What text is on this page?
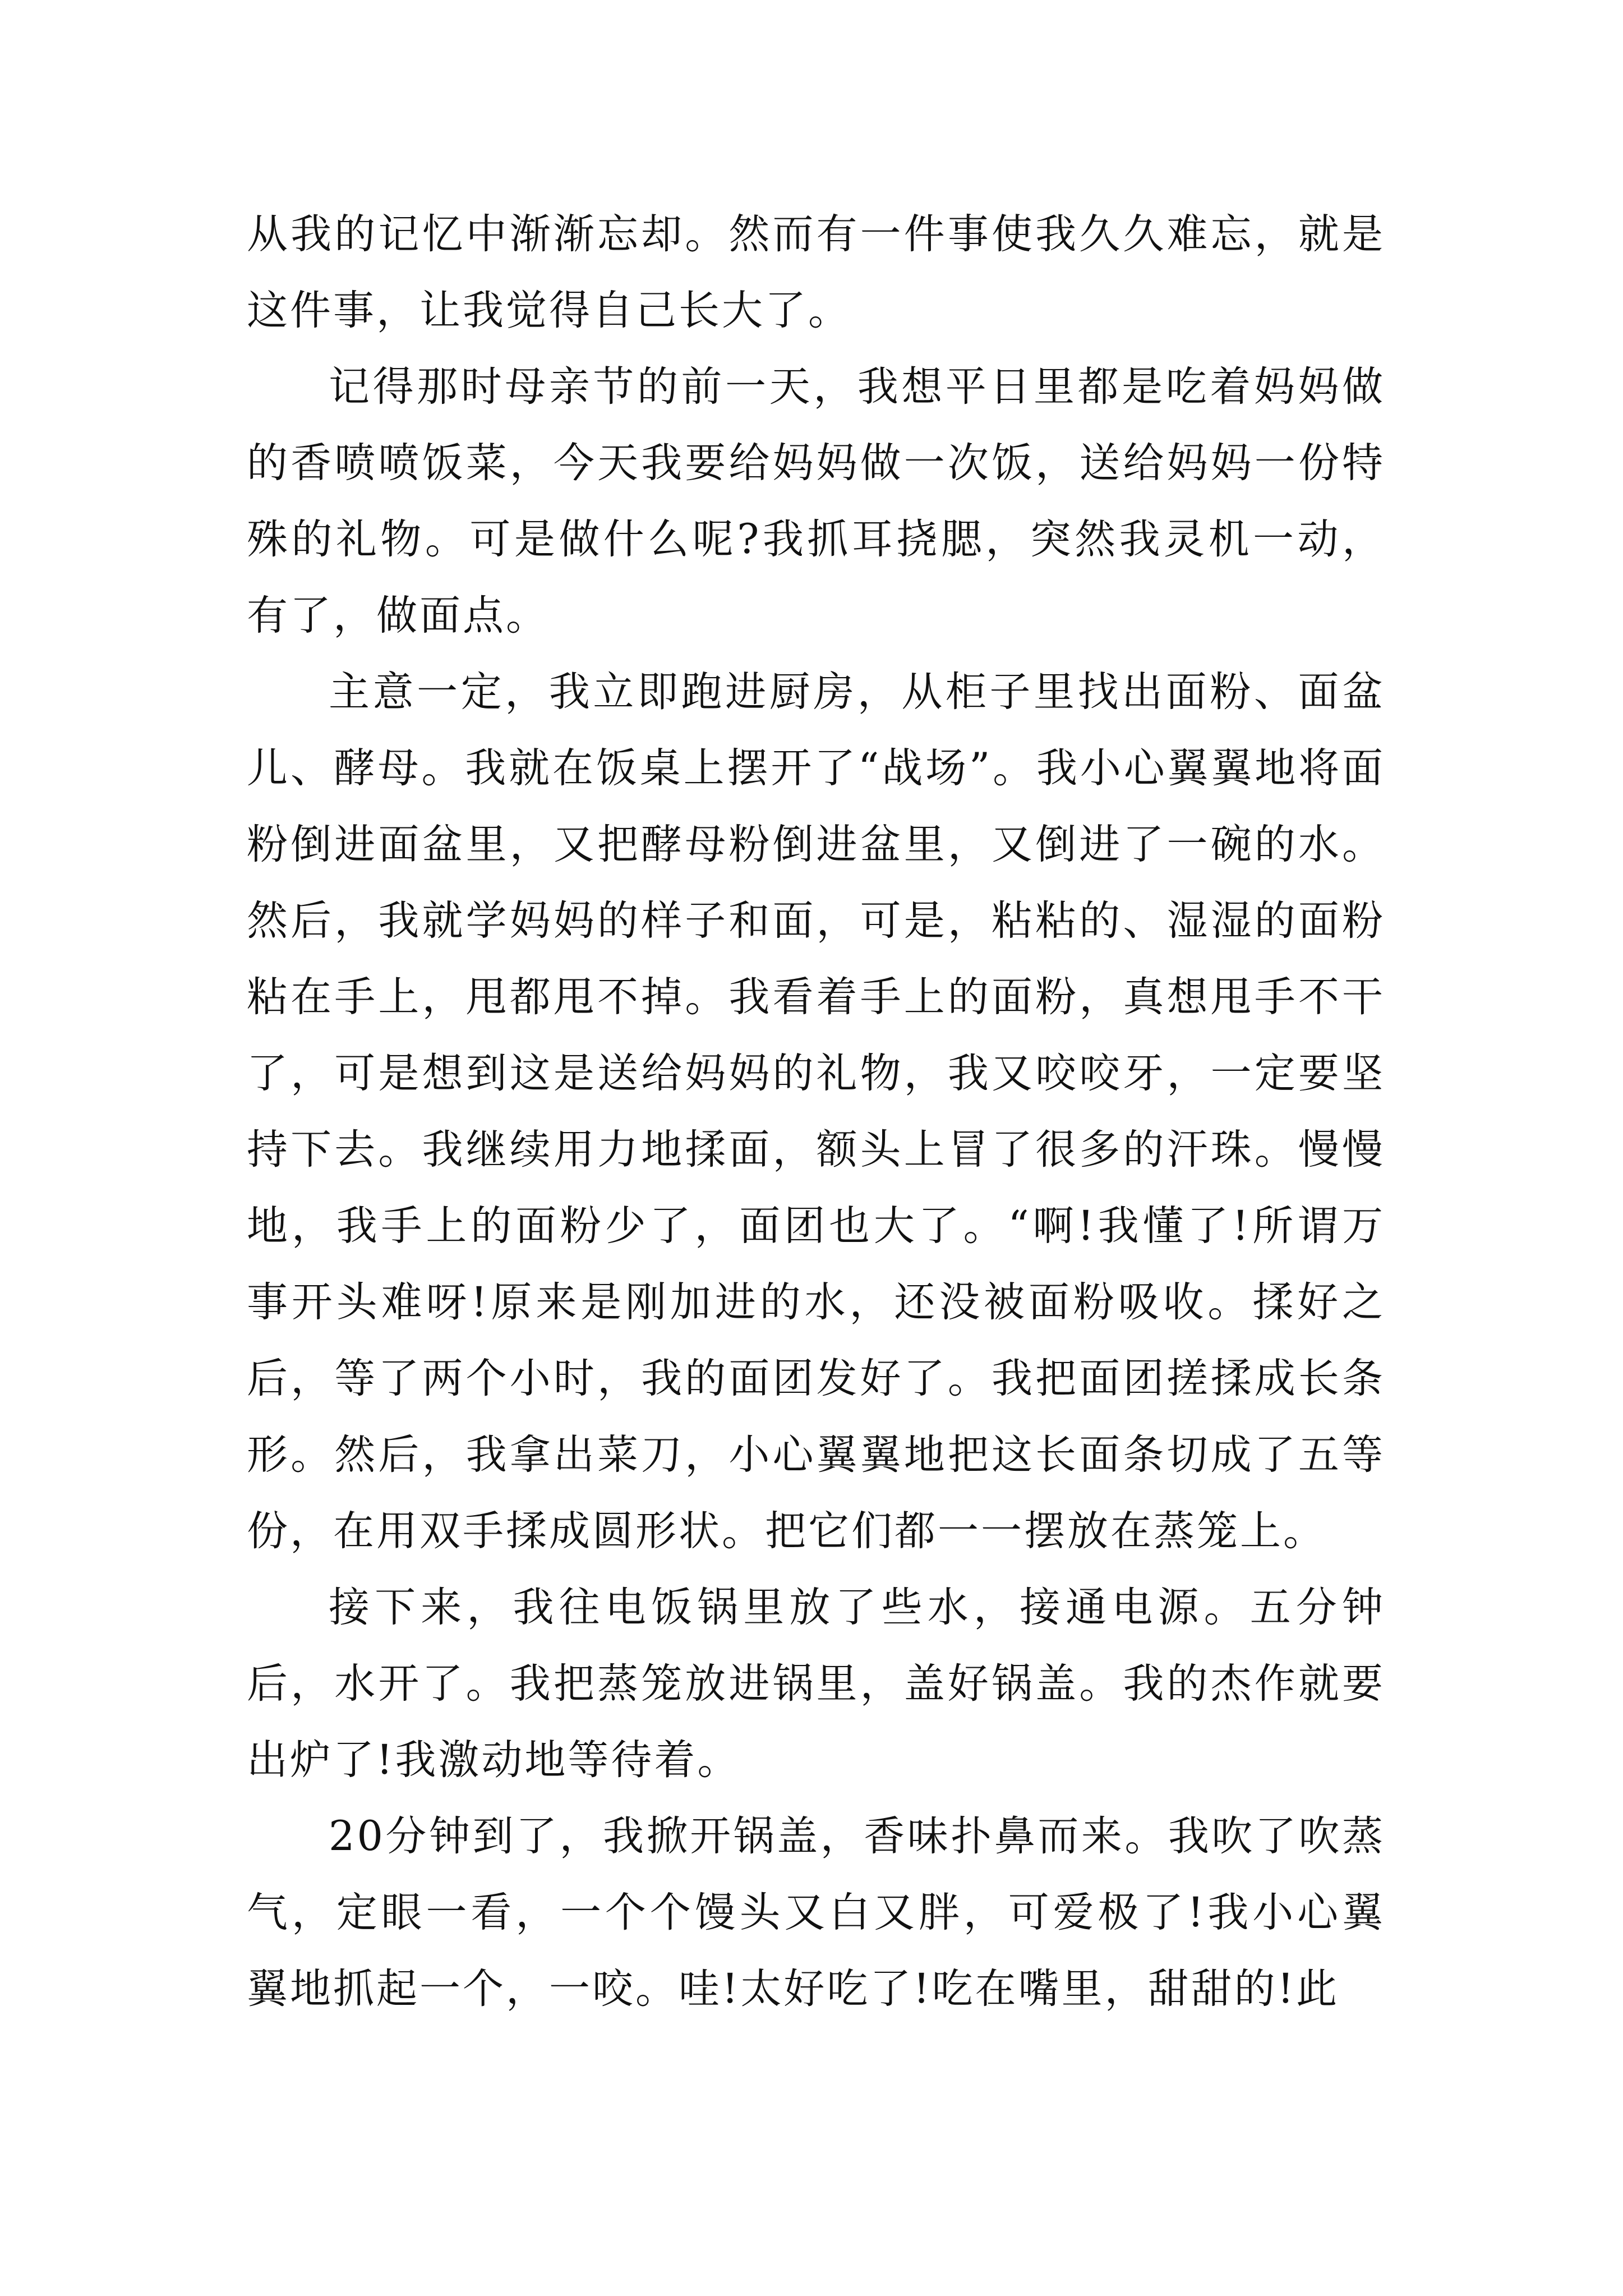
从我的记忆中渐渐忘却。然而有一件事使我久久难忘，就是这件事，让我觉得自己长大了。

记得那时母亲节的前一天，我想平日里都是吃着妈妈做的香喷喷饭菜，今天我要给妈妈做一次饭，送给妈妈一份特殊的礼物。可是做什么呢?我抓耳挠腮，突然我灵机一动，有了，做面点。

主意一定，我立即跑进厨房，从柜子里找出面粉、面盆儿、酵母。我就在饭桌上摆开了“战场”。我小心翼翼地将面粉倒进面盆里，又把酵母粉倒进盆里，又倒进了一碗的水。然后，我就学妈妈的样子和面，可是，粘粘的、湿湿的面粉粘在手上，甩都甩不掉。我看着手上的面粉，真想甩手不干了，可是想到这是送给妈妈的礼物，我又咬咬牙，一定要坚持下去。我继续用力地揉面，额头上冒了很多的汗珠。慢慢地，我手上的面粉少了，面团也大了。“啊!我懂了!所谓万事开头难呀!原来是刚加进的水，还没被面粉吸收。揉好之后，等了两个小时，我的面团发好了。我把面团搓揉成长条形。然后，我拿出菜刀，小心翼翼地把这长面条切成了五等份，在用双手揉成圆形状。把它们都一一摆放在蒸笼上。

接下来，我往电饭锅里放了些水，接通电源。五分钟后，水开了。我把蒸笼放进锅里，盖好锅盖。我的杰作就要出炉了!我激动地等待着。

20分钟到了，我掀开锅盖，香味扑鼻而来。我吹了吹蒸气，定眼一看，一个个馒头又白又胖，可爱极了!我小心翼翼地抓起一个，一咬。哇!太好吃了!吃在嘴里，甜甜的!此
